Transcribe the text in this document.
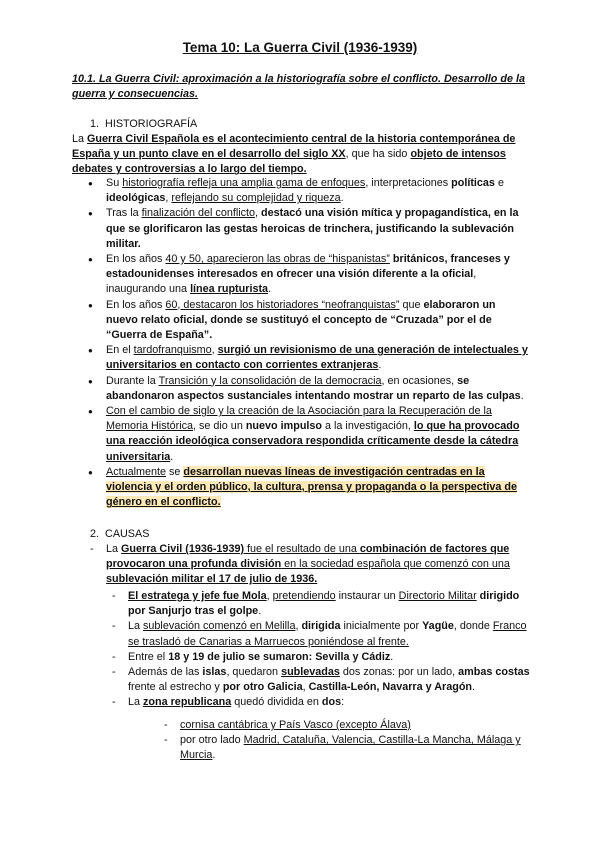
Tema 10: La Guerra Civil (1936-1939)
10.1. La Guerra Civil: aproximación a la historiografía sobre el conflicto. Desarrollo de la guerra y consecuencias.
1. HISTORIOGRAFÍA
La Guerra Civil Española es el acontecimiento central de la historia contemporánea de España y un punto clave en el desarrollo del siglo XX, que ha sido objeto de intensos debates y controversias a lo largo del tiempo.
● Su historiografía refleja una amplia gama de enfoques, interpretaciones políticas e ideológicas, reflejando su complejidad y riqueza.
● Tras la finalización del conflicto, destacó una visión mítica y propagandística, en la que se glorificaron las gestas heroicas de trinchera, justificando la sublevación militar.
● En los años 40 y 50, aparecieron las obras de “hispanistas” británicos, franceses y estadounidenses interesados en ofrecer una visión diferente a la oficial, inaugurando una línea rupturista.
● En los años 60, destacaron los historiadores “neofranquistas” que elaboraron un nuevo relato oficial, donde se sustituyó el concepto de “Cruzada” por el de “Guerra de España”.
● En el tardofranquismo, surgió un revisionismo de una generación de intelectuales y universitarios en contacto con corrientes extranjeras.
● Durante la Transición y la consolidación de la democracia, en ocasiones, se abandonaron aspectos sustanciales intentando mostrar un reparto de las culpas.
● Con el cambio de siglo y la creación de la Asociación para la Recuperación de la Memoria Histórica, se dio un nuevo impulso a la investigación, lo que ha provocado una reacción ideológica conservadora respondida críticamente desde la cátedra universitaria.
● Actualmente se desarrollan nuevas líneas de investigación centradas en la violencia y el orden público, la cultura, prensa y propaganda o la perspectiva de género en el conflicto.
2. CAUSAS
- La Guerra Civil (1936-1939) fue el resultado de una combinación de factores que provocaron una profunda división en la sociedad española que comenzó con una sublevación militar el 17 de julio de 1936.
- El estratega y jefe fue Mola, pretendiendo instaurar un Directorio Militar dirigido por Sanjurjo tras el golpe.
- La sublevación comenzó en Melilla, dirigida inicialmente por Yagüe, donde Franco se trasladó de Canarias a Marruecos poniéndose al frente.
- Entre el 18 y 19 de julio se sumaron: Sevilla y Cádiz.
- Además de las islas, quedaron sublevadas dos zonas: por un lado, ambas costas frente al estrecho y por otro Galicia, Castilla-León, Navarra y Aragón.
- La zona republicana quedó dividida en dos:
- cornisa cantábrica y País Vasco (excepto Álava)
- por otro lado Madrid, Cataluña, Valencia, Castilla-La Mancha, Málaga y Murcia.
